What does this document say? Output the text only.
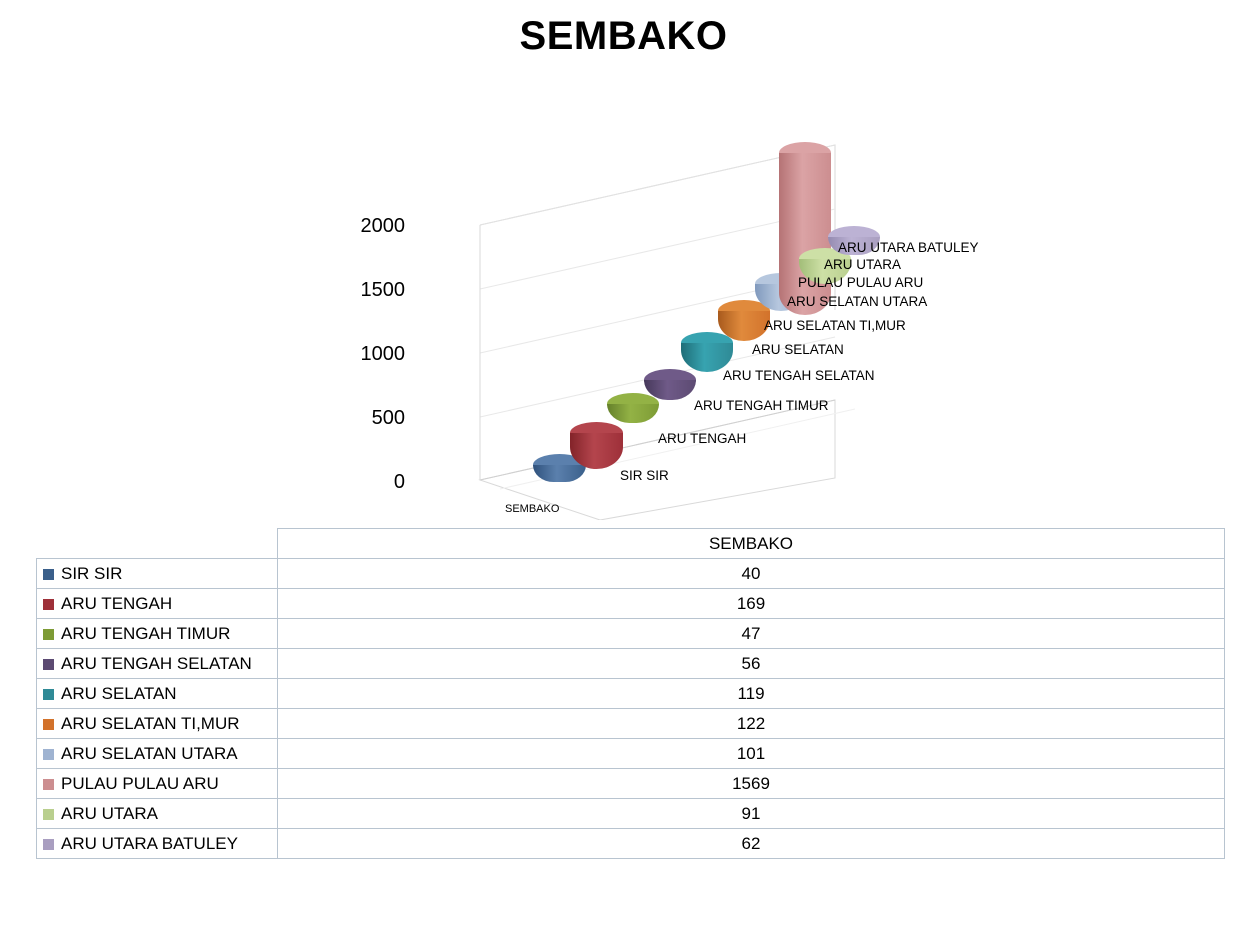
SEMBAKO
2000
1500
1000
500
0
SEMBAKO
SIR SIR
ARU TENGAH
ARU TENGAH TIMUR
ARU TENGAH SELATAN
ARU SELATAN
ARU SELATAN TI,MUR
ARU SELATAN UTARA
PULAU PULAU ARU
ARU UTARA
ARU UTARA BATULEY
	SEMBAKO
SIR SIR	40
ARU TENGAH	169
ARU TENGAH TIMUR	47
ARU TENGAH SELATAN	56
ARU SELATAN	119
ARU SELATAN TI,MUR	122
ARU SELATAN UTARA	101
PULAU PULAU ARU	1569
ARU UTARA	91
ARU UTARA BATULEY	62
